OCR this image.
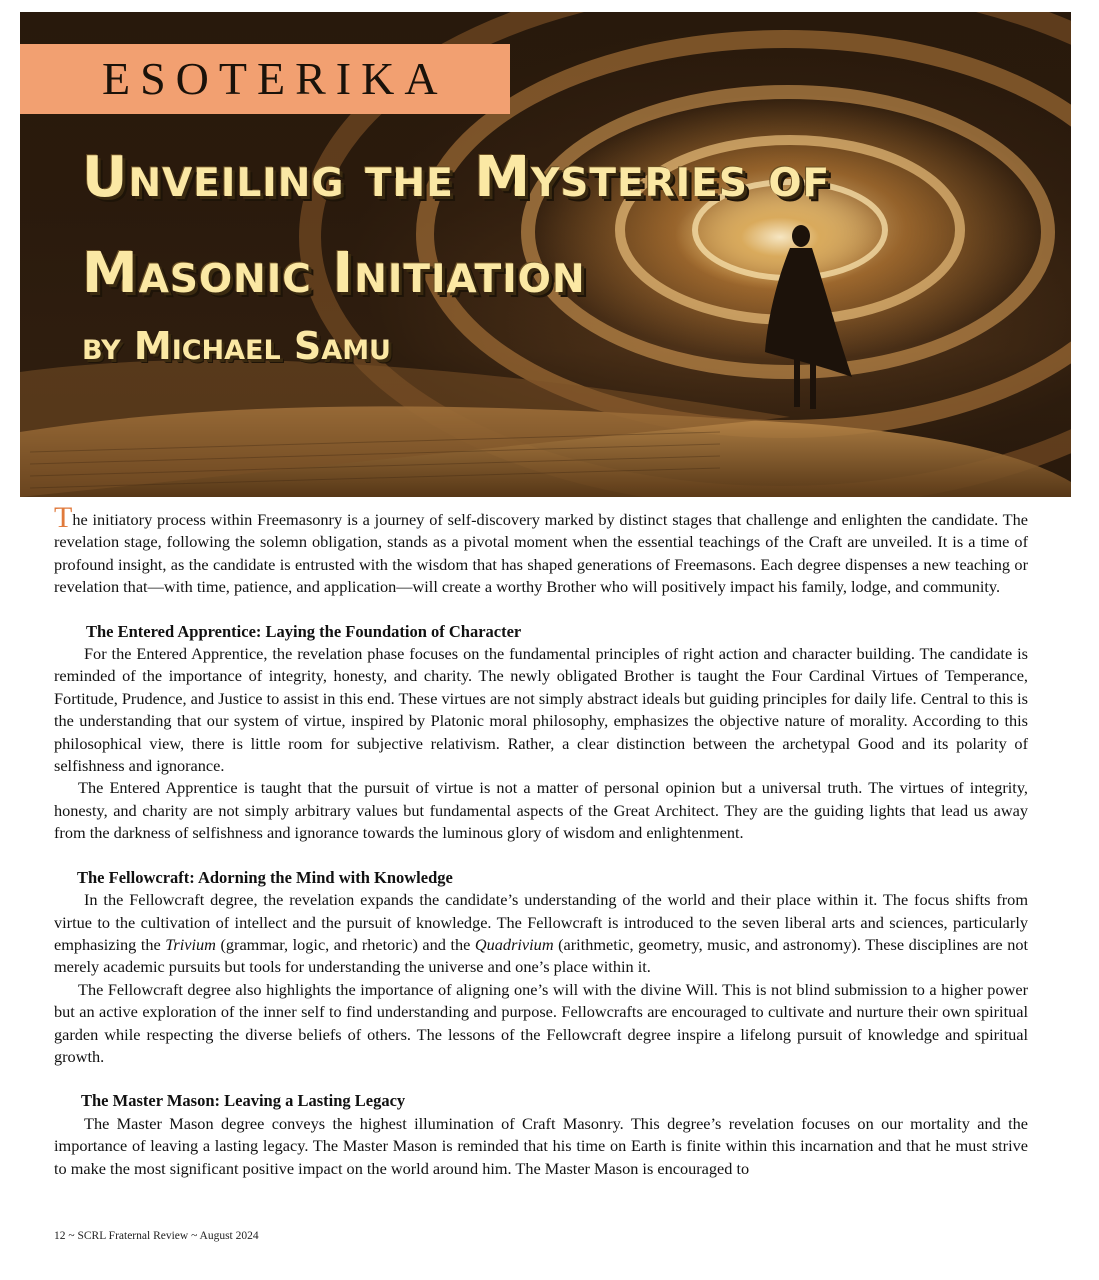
ESOTERIKA
Unveiling the Mysteries of
Masonic Initiation
by Michael Samu

The initiatory process within Freemasonry is a journey of self-discovery marked by distinct stages that challenge and enlighten the candidate. The revelation stage, following the solemn obligation, stands as a pivotal moment when the essential teachings of the Craft are unveiled. It is a time of profound insight, as the candidate is entrusted with the wisdom that has shaped generations of Freemasons. Each degree dispenses a new teaching or revelation that—with time, patience, and application—will create a worthy Brother who will positively impact his family, lodge, and community.

The Entered Apprentice: Laying the Foundation of Character

For the Entered Apprentice, the revelation phase focuses on the fundamental principles of right action and character building. The candidate is reminded of the importance of integrity, honesty, and charity. The newly obligated Brother is taught the Four Cardinal Virtues of Temperance, Fortitude, Prudence, and Justice to assist in this end. These virtues are not simply abstract ideals but guiding principles for daily life. Central to this is the understanding that our system of virtue, inspired by Platonic moral philosophy, emphasizes the objective nature of morality. According to this philosophical view, there is little room for subjective relativism. Rather, a clear distinction between the archetypal Good and its polarity of selfishness and ignorance.

The Entered Apprentice is taught that the pursuit of virtue is not a matter of personal opinion but a universal truth. The virtues of integrity, honesty, and charity are not simply arbitrary values but fundamental aspects of the Great Architect. They are the guiding lights that lead us away from the darkness of selfishness and ignorance towards the luminous glory of wisdom and enlightenment.

The Fellowcraft: Adorning the Mind with Knowledge

In the Fellowcraft degree, the revelation expands the candidate’s understanding of the world and their place within it. The focus shifts from virtue to the cultivation of intellect and the pursuit of knowledge. The Fellowcraft is introduced to the seven liberal arts and sciences, particularly emphasizing the Trivium (grammar, logic, and rhetoric) and the Quadrivium (arithmetic, geometry, music, and astronomy). These disciplines are not merely academic pursuits but tools for understanding the universe and one’s place within it.

The Fellowcraft degree also highlights the importance of aligning one’s will with the divine Will. This is not blind submission to a higher power but an active exploration of the inner self to find understanding and purpose. Fellowcrafts are encouraged to cultivate and nurture their own spiritual garden while respecting the diverse beliefs of others. The lessons of the Fellowcraft degree inspire a lifelong pursuit of knowledge and spiritual growth.

The Master Mason: Leaving a Lasting Legacy

The Master Mason degree conveys the highest illumination of Craft Masonry. This degree’s revelation focuses on our mortality and the importance of leaving a lasting legacy. The Master Mason is reminded that his time on Earth is finite within this incarnation and that he must strive to make the most significant positive impact on the world around him. The Master Mason is encouraged to

12 ~ SCRL Fraternal Review ~ August 2024
